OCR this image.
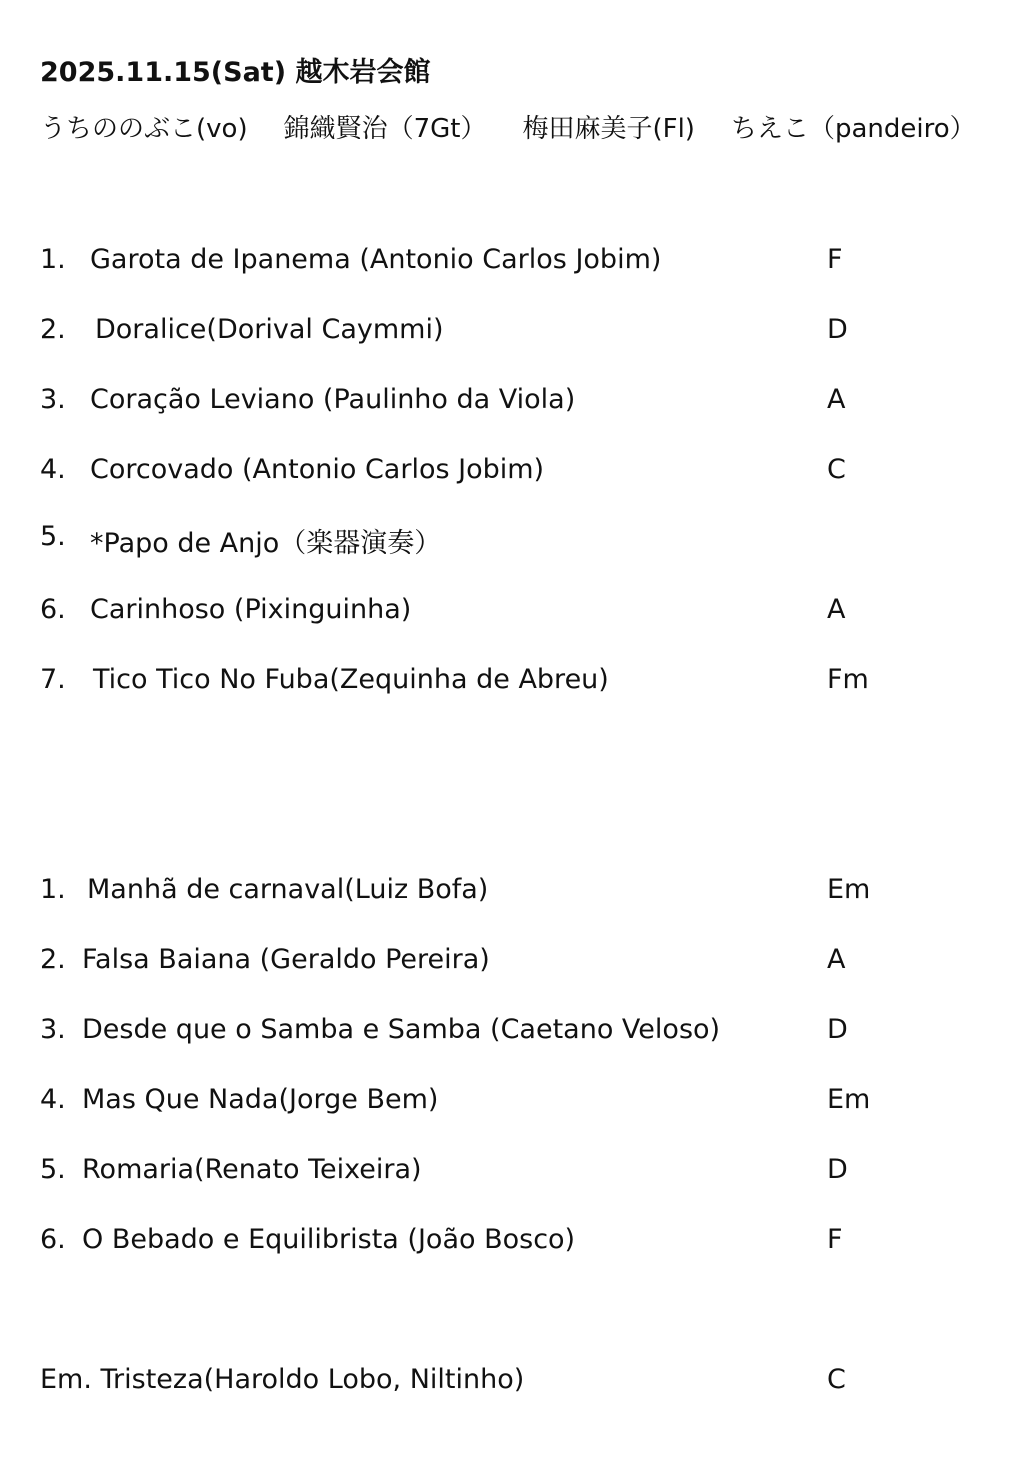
2025.11.15(Sat) 越木岩会館
うちののぶこ(vo) 錦織賢治（7Gt） 梅田麻美子(Fl) ちえこ（pandeiro）
1. Garota de Ipanema (Antonio Carlos Jobim)	F
2. Doralice(Dorival Caymmi)	D
3. Coração Leviano (Paulinho da Viola)	A
4. Corcovado (Antonio Carlos Jobim)	C
5. *Papo de Anjo（楽器演奏）
6. Carinhoso (Pixinguinha)	A
7. Tico Tico No Fuba(Zequinha de Abreu)	Fm
1. Manhã de carnaval(Luiz Bofa)	Em
2. Falsa Baiana (Geraldo Pereira)	A
3. Desde que o Samba e Samba (Caetano Veloso)	D
4. Mas Que Nada(Jorge Bem)	Em
5. Romaria(Renato Teixeira)	D
6. O Bebado e Equilibrista (João Bosco)	F
Em. Tristeza(Haroldo Lobo, Niltinho)	C
